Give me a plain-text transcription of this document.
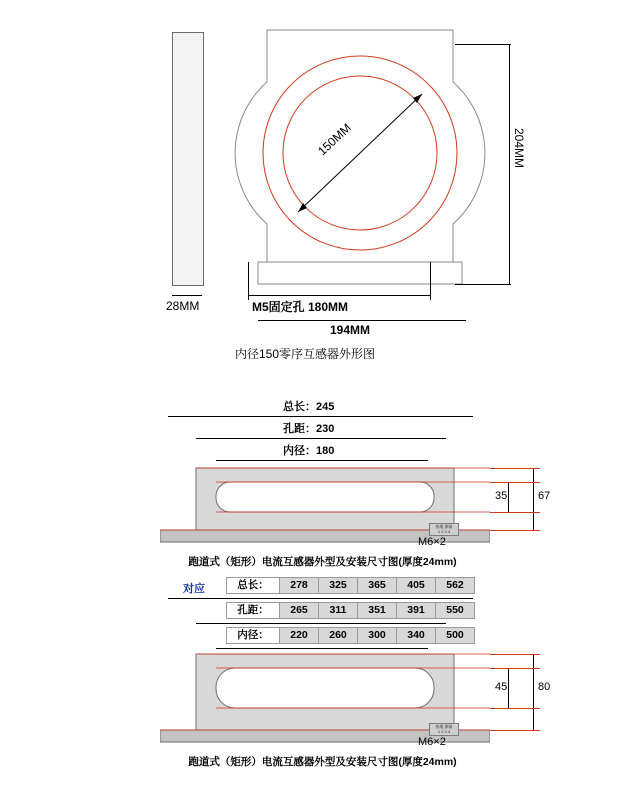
150MM	204MM
28MM	M5固定孔 180MM
194MM
内径150零序互感器外形图
总长：245
孔距：230
内径：180
接地 测量
1 2 3 4
35	67
M6×2
跑道式（矩形）电流互感器外型及安装尺寸图(厚度24mm)
对应	总长：	278	325	365	405	562
孔距：	265	311	351	391	550
内径：	220	260	300	340	500
接地 测量
1 2 3 4
45	80
M6×2
跑道式（矩形）电流互感器外型及安装尺寸图(厚度24mm)
